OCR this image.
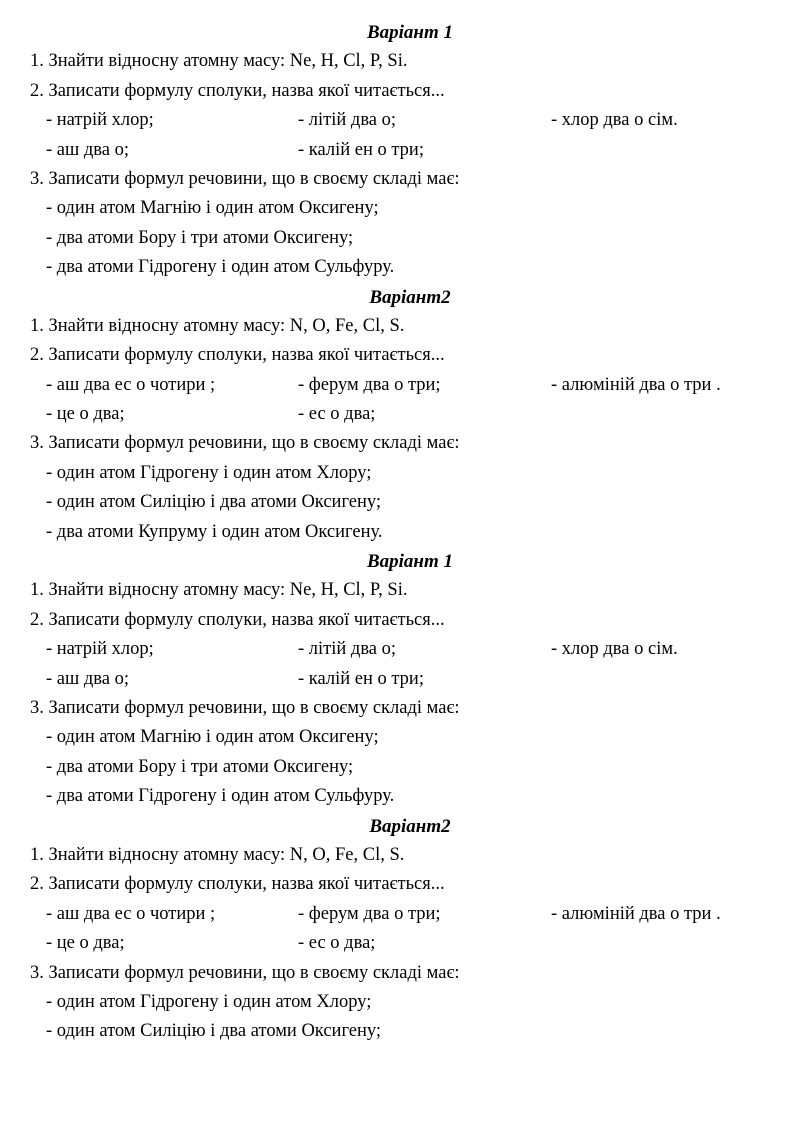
Варіант 1
1. Знайти відносну атомну масу: Ne, H, Cl, P, Si.
2. Записати формулу сполуки, назва якої читається...
- натрій хлор;	- літій два о;	- хлор два о сім.
- аш два о;	- калій ен о три;
3. Записати формул речовини, що в своєму складі має:
- один атом Магнію і один атом Оксигену;
- два атоми Бору і три атоми Оксигену;
- два атоми Гідрогену і один атом Сульфуру.
Варіант2
1. Знайти відносну атомну масу: N, O, Fe, Cl, S.
2. Записати формулу сполуки, назва якої читається...
- аш два ес о чотири ;	- ферум два о три;	- алюміній два о три .
- це о два;	- ес о два;
3. Записати формул речовини, що в своєму складі має:
- один атом Гідрогену і один атом Хлору;
- один атом Силіцію і два атоми Оксигену;
- два атоми Купруму і один атом Оксигену.
Варіант 1
1. Знайти відносну атомну масу: Ne, H, Cl, P, Si.
2. Записати формулу сполуки, назва якої читається...
- натрій хлор;	- літій два о;	- хлор два о сім.
- аш два о;	- калій ен о три;
3. Записати формул речовини, що в своєму складі має:
- один атом Магнію і один атом Оксигену;
- два атоми Бору і три атоми Оксигену;
- два атоми Гідрогену і один атом Сульфуру.
Варіант2
1. Знайти відносну атомну масу: N, O, Fe, Cl, S.
2. Записати формулу сполуки, назва якої читається...
- аш два ес о чотири ;	- ферум два о три;	- алюміній два о три .
- це о два;	- ес о два;
3. Записати формул речовини, що в своєму складі має:
- один атом Гідрогену і один атом Хлору;
- один атом Силіцію і два атоми Оксигену;
